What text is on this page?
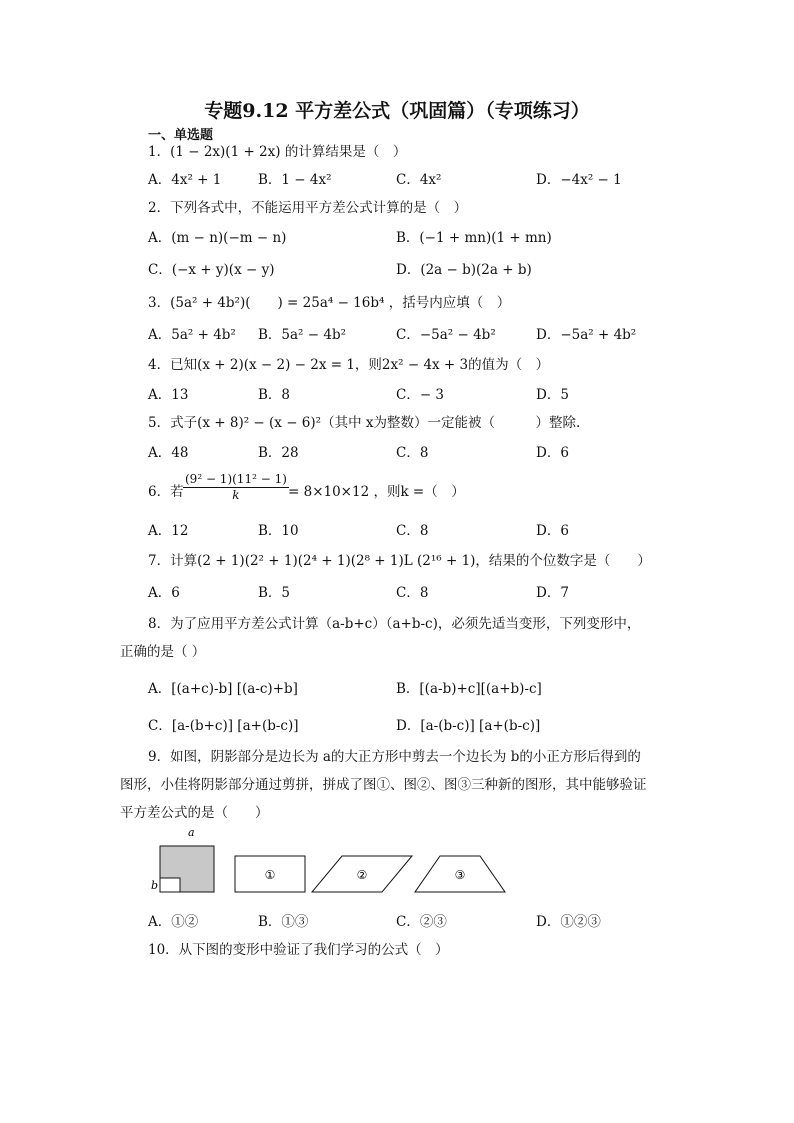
专题9.12 平方差公式（巩固篇）（专项练习）
一、单选题
1．(1 − 2x)(1 + 2x) 的计算结果是（　）
A．4x² + 1	B．1 − 4x²	C．4x²	D．−4x² − 1
2．下列各式中，不能运用平方差公式计算的是（　）
A．(m − n)(−m − n)	B．(−1 + mn)(1 + mn)
C．(−x + y)(x − y)	D．(2a − b)(2a + b)
3．(5a² + 4b²)(　　) = 25a⁴ − 16b⁴ ，括号内应填（　）
A．5a² + 4b² B．5a² − 4b²	C．−5a² − 4b²	D．−5a² + 4b²
4．已知(x + 2)(x − 2) − 2x = 1，则2x² − 4x + 3的值为（　）
A．13	B．8	C．− 3	D．5
5．式子(x + 8)² − (x − 6)²（其中 x为整数）一定能被（　　　）整除.
A．48	B．28	C．8	D．6
6．若 $\frac{\text{(9² − 1)(11² − 1)}}{k} = 8\times 10\times 12$ ，则k =（　）
A．12	B．10	C．8	D．6
7．计算(2 + 1)(2² + 1)(2⁴ + 1)(2⁸ + 1)L (2¹⁶ + 1)，结果的个位数字是（　　）
A．6	B．5	C．8	D．7
8．为了应用平方差公式计算（a-b+c）（a+b-c)，必须先适当变形，下列变形中，正确的是（ ）
A．[(a+c)-b] [(a-c)+b]	B．[(a-b)+c][(a+b)-c]
C．[a-(b+c)] [a+(b-c)]	D．[a-(b-c)] [a+(b-c)]
9．如图，阴影部分是边长为 a的大正方形中剪去一个边长为 b的小正方形后得到的图形，小佳将阴影部分通过剪拼，拼成了图①、图②、图③三种新的图形，其中能够验证平方差公式的是（　　）
a
b
①	②	③
A．①②	B．①③	C．②③	D．①②③
10．从下图的变形中验证了我们学习的公式（　）
